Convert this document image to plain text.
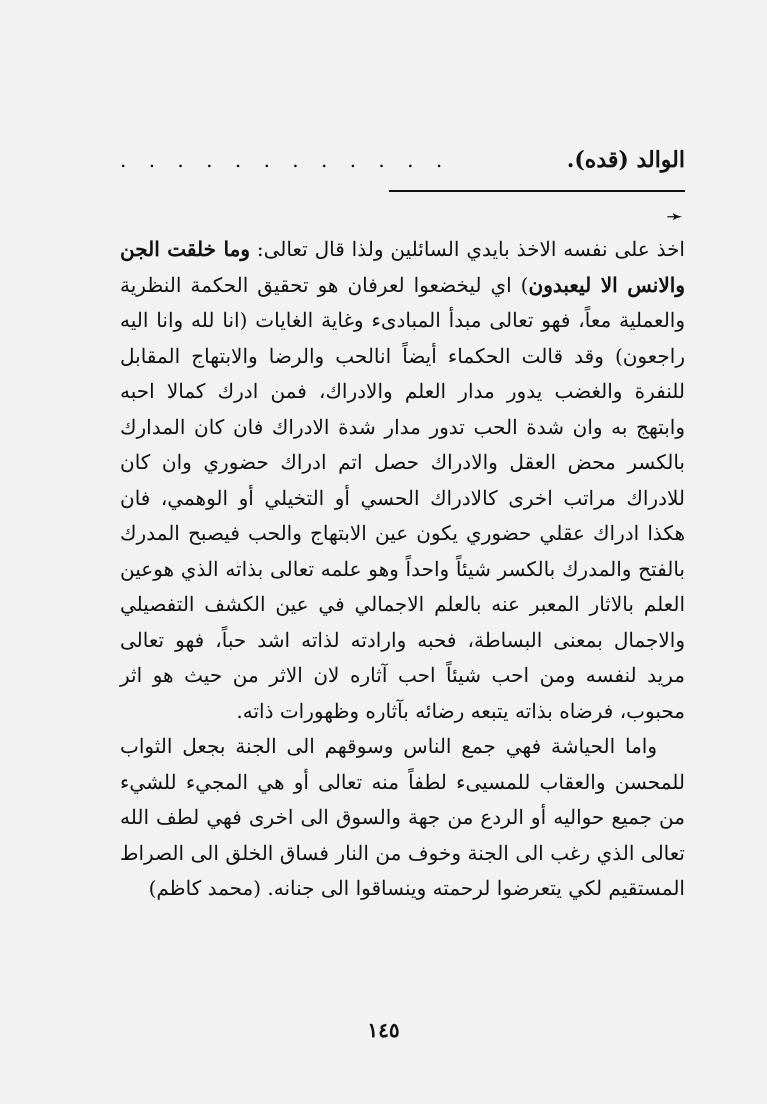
الوالد (قده).
. . . . . . . . . . . .
➛

اخذ على نفسه الاخذ بايدي السائلين ولذا قال تعالى: وما خلقت الجن والانس الا ليعبدون) اي ليخضعوا لعرفان هو تحقيق الحكمة النظرية والعملية معاً، فهو تعالى مبدأ المبادىء وغاية الغايات (انا لله وانا اليه راجعون) وقد قالت الحكماء أيضاً انالحب والرضا والابتهاج المقابل للنفرة والغضب يدور مدار العلم والادراك، فمن ادرك كمالا احبه وابتهج به وان شدة الحب تدور مدار شدة الادراك فان كان المدارك بالكسر محض العقل والادراك حصل اتم ادراك حضوري وان كان للادراك مراتب اخرى كالادراك الحسي أو التخيلي أو الوهمي، فان هكذا ادراك عقلي حضوري يكون عين الابتهاج والحب فيصبح المدرك بالفتح والمدرك بالكسر شيئاً واحداً وهو علمه تعالى بذاته الذي هوعين العلم بالاثار المعبر عنه بالعلم الاجمالي في عين الكشف التفصيلي والاجمال بمعنى البساطة، فحبه وارادته لذاته اشد حباً، فهو تعالى مريد لنفسه ومن احب شيئاً احب آثاره لان الاثر من حيث هو اثر محبوب، فرضاه بذاته يتبعه رضائه بآثاره وظهورات ذاته.

واما الحياشة فهي جمع الناس وسوقهم الى الجنة بجعل الثواب للمحسن والعقاب للمسيىء لطفاً منه تعالى أو هي المجيء للشيء من جميع حواليه أو الردع من جهة والسوق الى اخرى فهي لطف الله تعالى الذي رغب الى الجنة وخوف من النار فساق الخلق الى الصراط المستقيم لكي يتعرضوا لرحمته وينساقوا الى جنانه. (محمد كاظم)

١٤٥
